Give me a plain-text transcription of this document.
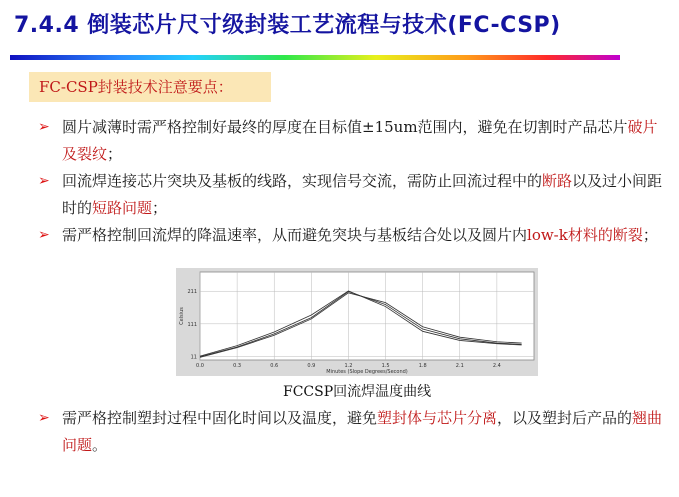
7.4.4 倒装芯片尺寸级封装工艺流程与技术(FC-CSP)
FC-CSP封装技术注意要点：
➢ 圆片减薄时需严格控制好最终的厚度在目标值±15um范围内，避免在切割时产品芯片破片及裂纹；
➢ 回流焊连接芯片突块及基板的线路，实现信号交流，需防止回流过程中的断路以及过小间距时的短路问题；
➢ 需严格控制回流焊的降温速率，从而避免突块与基板结合处以及圆片内low-k材料的断裂；
11
111
211
0.0	0.3	0.6	0.9	1.2	1.5	1.8	2.1	2.4
Minutes (Slope Degrees/Second)
Celsius
FCCSP回流焊温度曲线
➢ 需严格控制塑封过程中固化时间以及温度，避免塑封体与芯片分离，以及塑封后产品的翘曲问题。
